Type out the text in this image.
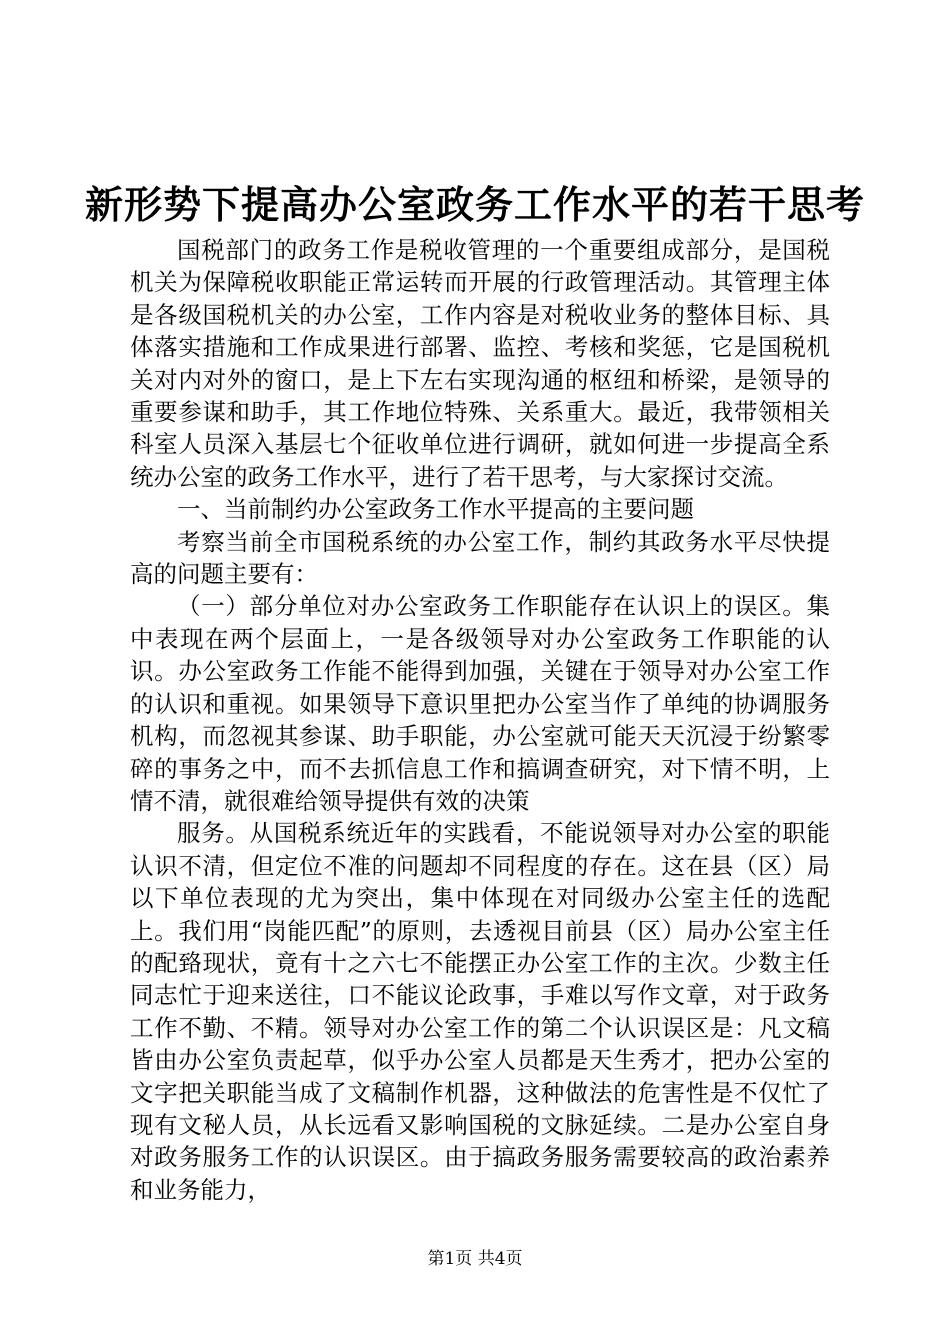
新形势下提高办公室政务工作水平的若干思考

国税部门的政务工作是税收管理的一个重要组成部分，是国税机关为保障税收职能正常运转而开展的行政管理活动。其管理主体是各级国税机关的办公室，工作内容是对税收业务的整体目标、具体落实措施和工作成果进行部署、监控、考核和奖惩，它是国税机关对内对外的窗口，是上下左右实现沟通的枢纽和桥梁，是领导的重要参谋和助手，其工作地位特殊、关系重大。最近，我带领相关科室人员深入基层七个征收单位进行调研，就如何进一步提高全系统办公室的政务工作水平，进行了若干思考，与大家探讨交流。

一、当前制约办公室政务工作水平提高的主要问题

考察当前全市国税系统的办公室工作，制约其政务水平尽快提高的问题主要有：

（一）部分单位对办公室政务工作职能存在认识上的误区。集中表现在两个层面上，一是各级领导对办公室政务工作职能的认识。办公室政务工作能不能得到加强，关键在于领导对办公室工作的认识和重视。如果领导下意识里把办公室当作了单纯的协调服务机构，而忽视其参谋、助手职能，办公室就可能天天沉浸于纷繁零碎的事务之中，而不去抓信息工作和搞调查研究，对下情不明，上情不清，就很难给领导提供有效的决策

服务。从国税系统近年的实践看，不能说领导对办公室的职能认识不清，但定位不准的问题却不同程度的存在。这在县（区）局以下单位表现的尤为突出，集中体现在对同级办公室主任的选配上。我们用“岗能匹配”的原则，去透视目前县（区）局办公室主任的配臵现状，竟有十之六七不能摆正办公室工作的主次。少数主任同志忙于迎来送往，口不能议论政事，手难以写作文章，对于政务工作不勤、不精。领导对办公室工作的第二个认识误区是：凡文稿皆由办公室负责起草，似乎办公室人员都是天生秀才，把办公室的文字把关职能当成了文稿制作机器，这种做法的危害性是不仅忙了现有文秘人员，从长远看又影响国税的文脉延续。二是办公室自身对政务服务工作的认识误区。由于搞政务服务需要较高的政治素养和业务能力，

第1页 共4页
